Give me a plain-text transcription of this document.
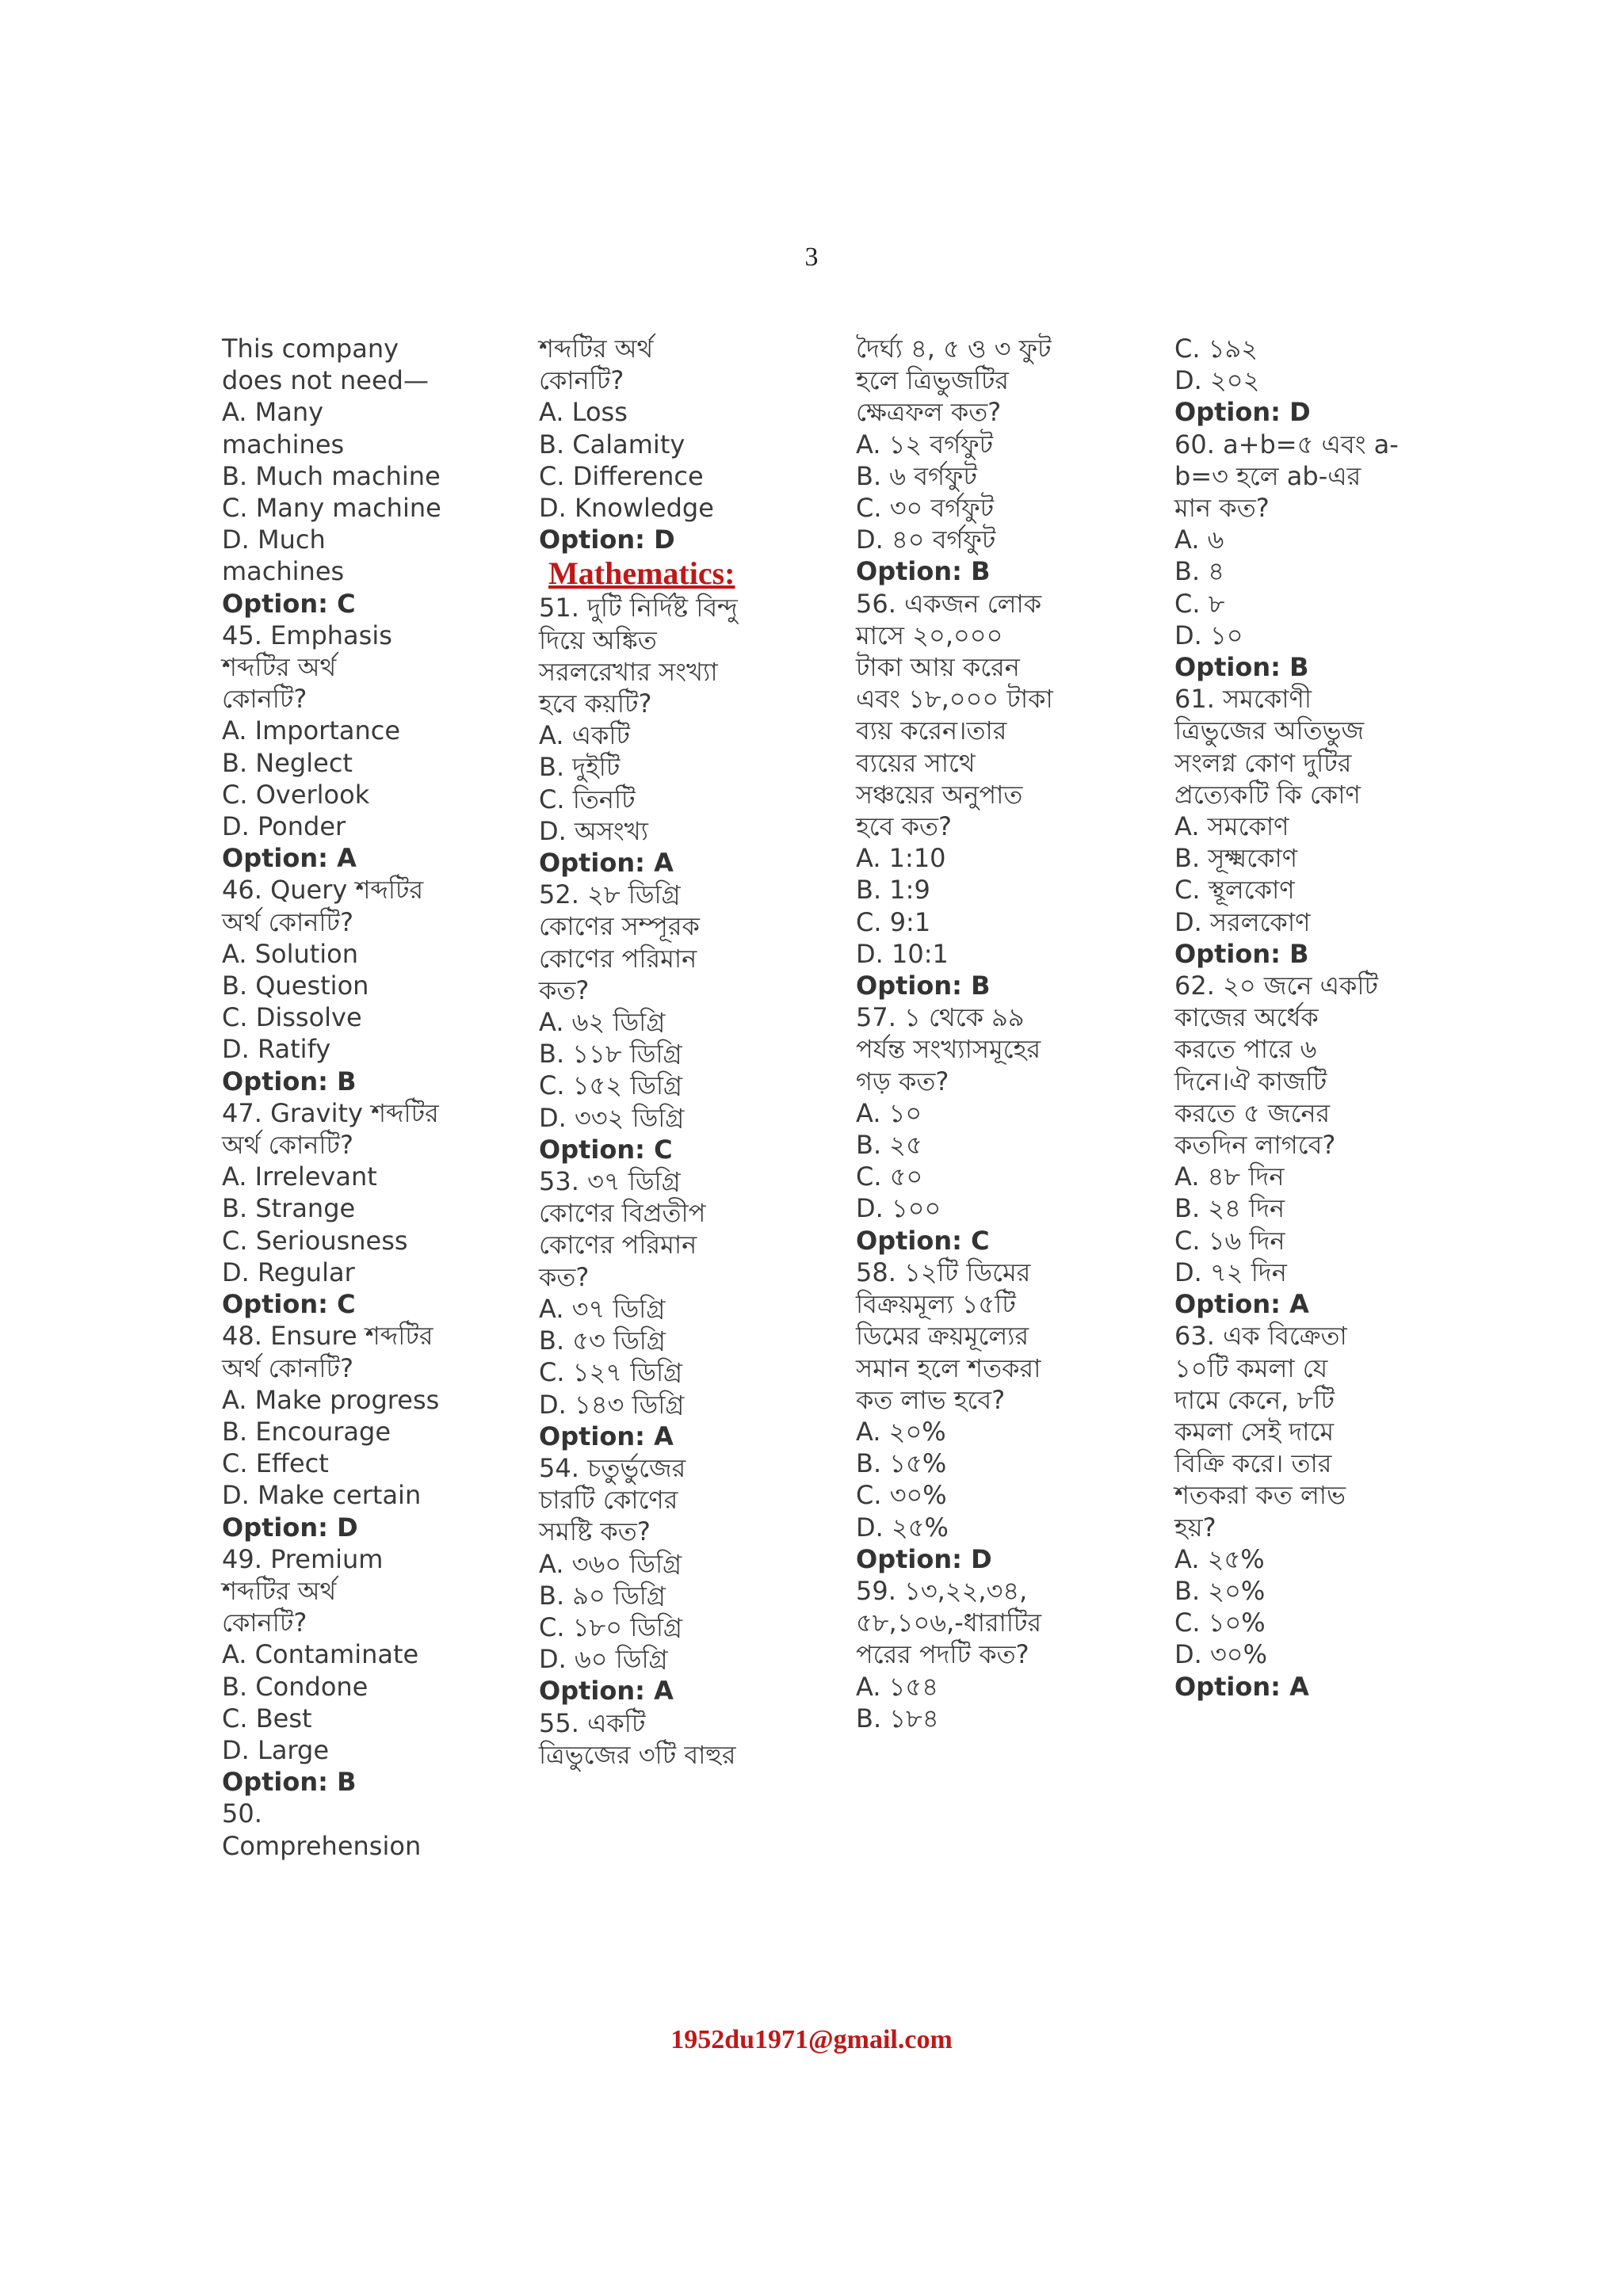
3
This company
does not need—
A. Many
machines
B. Much machine
C. Many machine
D. Much
machines
Option: C
45. Emphasis
শব্দটির অর্থ
কোনটি?
A. Importance
B. Neglect
C. Overlook
D. Ponder
Option: A
46. Query শব্দটির
অর্থ কোনটি?
A. Solution
B. Question
C. Dissolve
D. Ratify
Option: B
47. Gravity শব্দটির
অর্থ কোনটি?
A. Irrelevant
B. Strange
C. Seriousness
D. Regular
Option: C
48. Ensure শব্দটির
অর্থ কোনটি?
A. Make progress
B. Encourage
C. Effect
D. Make certain
Option: D
49. Premium
শব্দটির অর্থ
কোনটি?
A. Contaminate
B. Condone
C. Best
D. Large
Option: B
50.
Comprehension
শব্দটির অর্থ
কোনটি?
A. Loss
B. Calamity
C. Difference
D. Knowledge
Option: D
Mathematics:
51. দুটি নির্দিষ্ট বিন্দু
দিয়ে অঙ্কিত
সরলরেখার সংখ্যা
হবে কয়টি?
A. একটি
B. দুইটি
C. তিনটি
D. অসংখ্য
Option: A
52. ২৮ ডিগ্রি
কোণের সম্পূরক
কোণের পরিমান
কত?
A. ৬২ ডিগ্রি
B. ১১৮ ডিগ্রি
C. ১৫২ ডিগ্রি
D. ৩৩২ ডিগ্রি
Option: C
53. ৩৭ ডিগ্রি
কোণের বিপ্রতীপ
কোণের পরিমান
কত?
A. ৩৭ ডিগ্রি
B. ৫৩ ডিগ্রি
C. ১২৭ ডিগ্রি
D. ১৪৩ ডিগ্রি
Option: A
54. চতুর্ভুজের
চারটি কোণের
সমষ্টি কত?
A. ৩৬০ ডিগ্রি
B. ৯০ ডিগ্রি
C. ১৮০ ডিগ্রি
D. ৬০ ডিগ্রি
Option: A
55. একটি
ত্রিভুজের ৩টি বাহুর
দৈর্ঘ্য ৪, ৫ ও ৩ ফুট
হলে ত্রিভুজটির
ক্ষেত্রফল কত?
A. ১২ বর্গফুট
B. ৬ বর্গফুট
C. ৩০ বর্গফুট
D. ৪০ বর্গফুট
Option: B
56. একজন লোক
মাসে ২০,০০০
টাকা আয় করেন
এবং ১৮,০০০ টাকা
ব্যয় করেন।তার
ব্যয়ের সাথে
সঞ্চয়ের অনুপাত
হবে কত?
A. 1:10
B. 1:9
C. 9:1
D. 10:1
Option: B
57. ১ থেকে ৯৯
পর্যন্ত সংখ্যাসমূহের
গড় কত?
A. ১০
B. ২৫
C. ৫০
D. ১০০
Option: C
58. ১২টি ডিমের
বিক্রয়মূল্য ১৫টি
ডিমের ক্রয়মূল্যের
সমান হলে শতকরা
কত লাভ হবে?
A. ২০%
B. ১৫%
C. ৩০%
D. ২৫%
Option: D
59. ১৩,২২,৩৪,
৫৮,১০৬,-ধারাটির
পরের পদটি কত?
A. ১৫৪
B. ১৮৪
C. ১৯২
D. ২০২
Option: D
60. a+b=৫ এবং a-
b=৩ হলে ab-এর
মান কত?
A. ৬
B. ৪
C. ৮
D. ১০
Option: B
61. সমকোণী
ত্রিভুজের অতিভুজ
সংলগ্ন কোণ দুটির
প্রত্যেকটি কি কোণ
A. সমকোণ
B. সূক্ষ্মকোণ
C. স্থূলকোণ
D. সরলকোণ
Option: B
62. ২০ জনে একটি
কাজের অর্ধেক
করতে পারে ৬
দিনে।ঐ কাজটি
করতে ৫ জনের
কতদিন লাগবে?
A. ৪৮ দিন
B. ২৪ দিন
C. ১৬ দিন
D. ৭২ দিন
Option: A
63. এক বিক্রেতা
১০টি কমলা যে
দামে কেনে, ৮টি
কমলা সেই দামে
বিক্রি করে। তার
শতকরা কত লাভ
হয়?
A. ২৫%
B. ২০%
C. ১০%
D. ৩০%
Option: A
1952du1971@gmail.com
